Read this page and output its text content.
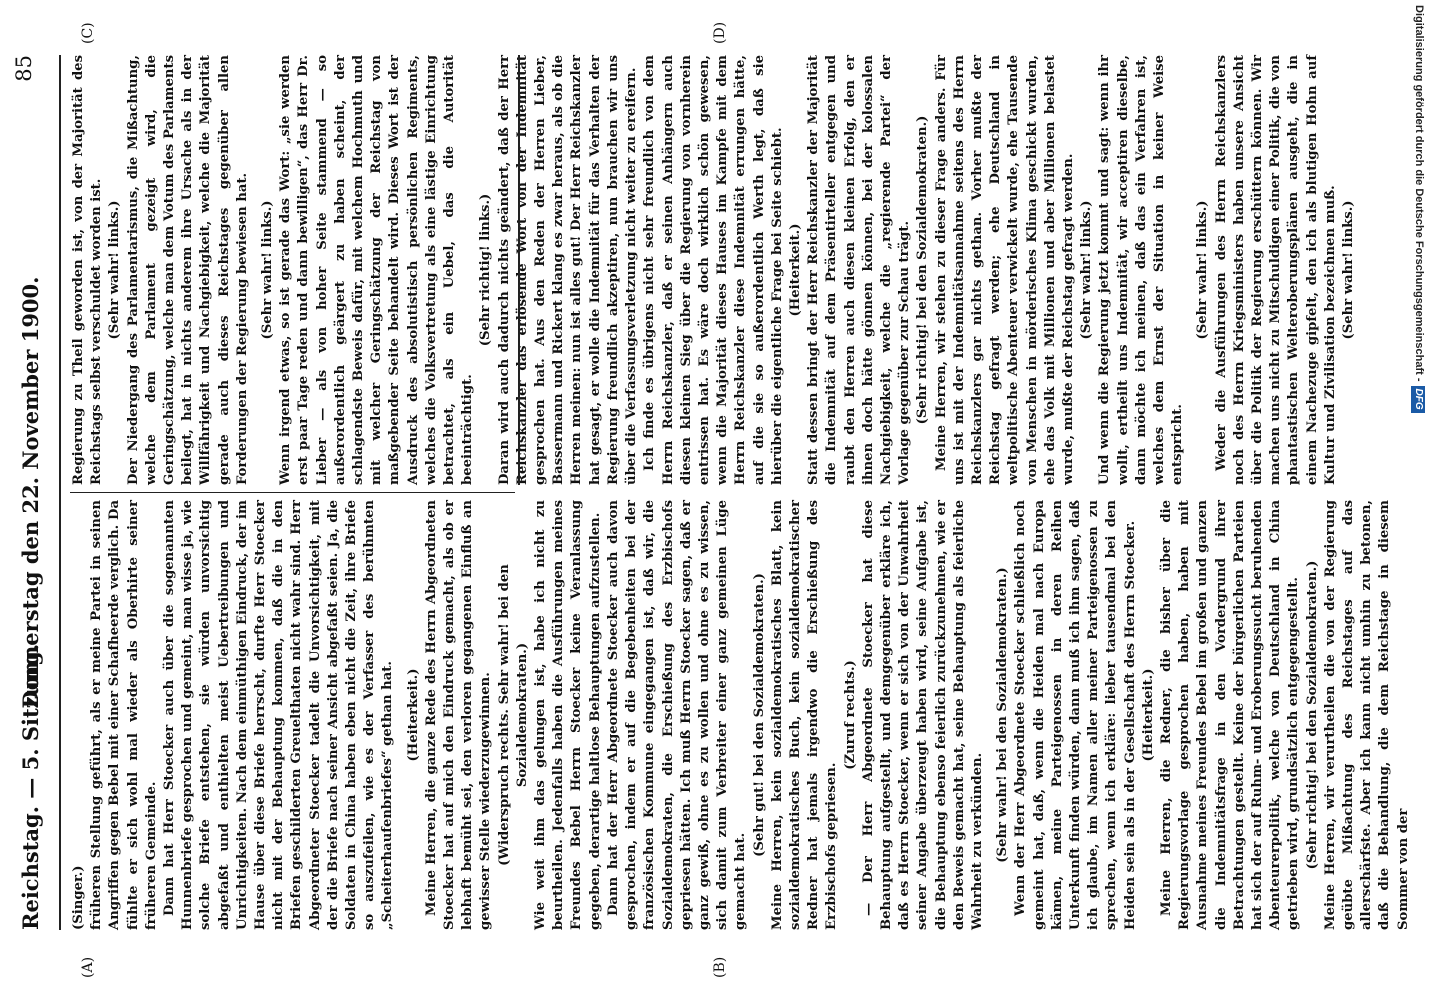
Reichstag. — 5. Sitzung.
Donnerstag den 22. November 1900.
85
(A)	(B)
(C)	(D)

(Singer.) früheren Stellung geführt, als er meine Partei in seinen Angriffen gegen Bebel mit einer Schafheerde verglich. Da fühlte er sich wohl mal wieder als Oberhirte seiner früheren Gemeinde. Dann hat Herr Stoecker auch über die sogenannten Hunnenbriefe gesprochen und gemeint, man wisse ja, wie solche Briefe entstehen, sie würden unvorsichtig abgefaßt und enthielten meist Uebertreibungen und Unrichtigkeiten. Nach dem einmüthigen Eindruck, der im Hause über diese Briefe herrscht, durfte Herr Stoecker nicht mit der Behauptung kommen, daß die in den Briefen geschilderten Greuelthaten nicht wahr sind. Herr Abgeordneter Stoecker tadelt die Unvorsichtigkeit, mit der die Briefe nach seiner Ansicht abgefaßt seien. Ja, die Soldaten in China haben eben nicht die Zeit, ihre Briefe so auszufeilen, wie es der Verfasser des berühmten „Scheiterhaufenbriefes“ gethan hat. (Heiterkeit.) Meine Herren, die ganze Rede des Herrn Abgeordneten Stoecker hat auf mich den Eindruck gemacht, als ob er lebhaft bemüht sei, den verloren gegangenen Einfluß an gewisser Stelle wiederzugewinnen. (Widerspruch rechts. Sehr wahr! bei den Sozialdemokraten.) Wie weit ihm das gelungen ist, habe ich nicht zu beurtheilen. Jedenfalls haben die Ausführungen meines Freundes Bebel Herrn Stoecker keine Veranlassung gegeben, derartige haltlose Behauptungen aufzustellen. Dann hat der Herr Abgeordnete Stoecker auch davon gesprochen, indem er auf die Begebenheiten bei der französischen Kommune eingegangen ist, daß wir, die Sozialdemokraten, die Erschießung des Erzbischofs gepriesen hätten. Ich muß Herrn Stoecker sagen, daß er ganz gewiß, ohne es zu wollen und ohne es zu wissen, sich damit zum Verbreiter einer ganz gemeinen Lüge gemacht hat.

(Sehr gut! bei den Sozialdemokraten.) Meine Herren, kein sozialdemokratisches Blatt, kein sozialdemokratisches Buch, kein sozialdemokratischer Redner hat jemals irgendwo die Erschießung des Erzbischofs gepriesen.

(Zuruf rechts.) — Der Herr Abgeordnete Stoecker hat diese Behauptung aufgestellt, und demgegenüber erkläre ich, daß es Herrn Stoecker, wenn er sich von der Unwahrheit seiner Angabe überzeugt haben wird, seine Aufgabe ist, die Behauptung ebenso feierlich zurückzunehmen, wie er den Beweis gemacht hat, seine Behauptung als feierliche Wahrheit zu verkünden. (Sehr wahr! bei den Sozialdemokraten.) Wenn der Herr Abgeordnete Stoecker schließlich noch gemeint hat, daß, wenn die Heiden mal nach Europa kämen, meine Parteigenossen in deren Reihen Unterkunft finden würden, dann muß ich ihm sagen, daß ich glaube, im Namen aller meiner Parteigenossen zu sprechen, wenn ich erkläre: lieber tausendmal bei den Heiden sein als in der Gesellschaft des Herrn Stoecker. (Heiterkeit.) Meine Herren, die Redner, die bisher über die Regierungsvorlage gesprochen haben, haben mit Ausnahme meines Freundes Bebel im großen und ganzen die Indemnitätsfrage in den Vordergrund ihrer Betrachtungen gestellt. Keine der bürgerlichen Parteien hat sich der auf Ruhm- und Eroberungssucht beruhenden Abenteurerpolitik, welche von Deutschland in China getrieben wird, grundsätzlich entgegengestellt. (Sehr richtig! bei den Sozialdemokraten.) Meine Herren, wir verurtheilen die von der Regierung geübte Mißachtung des Reichstages auf das allerschärfste. Aber ich kann nicht umhin zu betonen, daß die Behandlung, die dem Reichstage in diesem Sommer von der

Regierung zu Theil geworden ist, von der Majorität des Reichstags selbst verschuldet worden ist. (Sehr wahr! links.) Der Niedergang des Parlamentarismus, die Mißachtung, welche dem Parlament gezeigt wird, die Geringschätzung, welche man dem Votum des Parlaments beilegt, hat in nichts anderem ihre Ursache als in der Willfährigkeit und Nachgiebigkeit, welche die Majorität gerade auch dieses Reichstages gegenüber allen Forderungen der Regierung bewiesen hat. (Sehr wahr! links.) Wenn irgend etwas, so ist gerade das Wort: „sie werden erst paar Tage reden und dann bewilligen“, das Herr Dr. Lieber — als von hoher Seite stammend — so außerordentlich geärgert zu haben scheint, der schlagendste Beweis dafür, mit welchem Hochmuth und mit welcher Geringschätzung der Reichstag von maßgebender Seite behandelt wird. Dieses Wort ist der Ausdruck des absolutistisch persönlichen Regiments, welches die Volksvertretung als eine lästige Einrichtung betrachtet, als ein Uebel, das die Autorität beeinträchtigt.

(Sehr richtig! links.) Daran wird auch dadurch nichts geändert, daß der Herr Reichskanzler das erlösende Wort von der Indemnität gesprochen hat. Aus den Reden der Herren Lieber, Bassermann und Rickert klang es zwar heraus, als ob die Herren meinen: nun ist alles gut! Der Herr Reichskanzler hat gesagt, er wolle die Indemnität für das Verhalten der Regierung freundlich akzeptiren, nun brauchen wir uns über die Verfassungsverletzung nicht weiter zu ereifern. Ich finde es übrigens nicht sehr freundlich von dem Herrn Reichskanzler, daß er seinen Anhängern auch diesen kleinen Sieg über die Regierung von vornherein entrissen hat. Es wäre doch wirklich schön gewesen, wenn die Majorität dieses Hauses im Kampfe mit dem Herrn Reichskanzler diese Indemnität errungen hätte, auf die sie so außerordentlich Werth legt, daß sie hierüber die eigentliche Frage bei Seite schiebt. (Heiterkeit.) Statt dessen bringt der Herr Reichskanzler der Majorität die Indemnität auf dem Präsentirteller entgegen und raubt den Herren auch diesen kleinen Erfolg, den er ihnen doch hätte gönnen können, bei der kolossalen Nachgiebigkeit, welche die „regierende Partei“ der Vorlage gegenüber zur Schau trägt. (Sehr richtig! bei den Sozialdemokraten.) Meine Herren, wir stehen zu dieser Frage anders. Für uns ist mit der Indemnitätsannahme seitens des Herrn Reichskanzlers gar nichts gethan. Vorher mußte der Reichstag gefragt werden; ehe Deutschland in weltpolitische Abenteuer verwickelt wurde, ehe Tausende von Menschen in mörderisches Klima geschickt wurden, ehe das Volk mit Millionen und aber Millionen belastet wurde, mußte der Reichstag gefragt werden. (Sehr wahr! links.) Und wenn die Regierung jetzt kommt und sagt: wenn ihr wollt, ertheilt uns Indemnität, wir acceptiren dieselbe, dann möchte ich meinen, daß das ein Verfahren ist, welches dem Ernst der Situation in keiner Weise entspricht.

(Sehr wahr! links.) Weder die Ausführungen des Herrn Reichskanzlers noch des Herrn Kriegsministers haben unsere Ansicht über die Politik der Regierung erschüttern können. Wir machen uns nicht zu Mitschuldigen einer Politik, die von phantastischen Welteroberungsplänen ausgeht, die in einem Nachezuge gipfelt, den ich als blutigen Hohn auf Kultur und Zivilisation bezeichnen muß. (Sehr wahr! links.)	Digitalisierung gefördert durch die Deutsche Forschungsgemeinschaft -DFG
